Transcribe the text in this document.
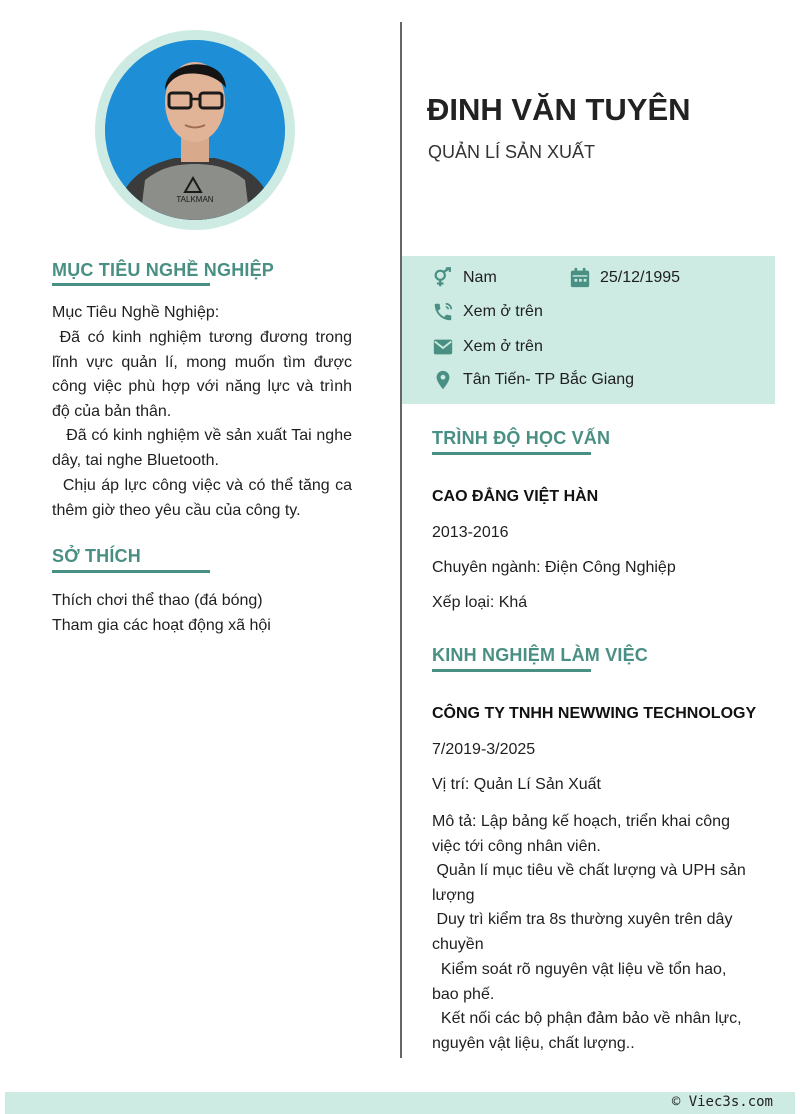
TALKMAN
MỤC TIÊU NGHỀ NGHIỆP
Mục Tiêu Nghề Nghiệp:
Đã có kinh nghiệm tương đương trong lĩnh vực quản lí, mong muốn tìm được công việc phù hợp với năng lực và trình độ của bản thân.
Đã có kinh nghiệm về sản xuất Tai nghe dây, tai nghe Bluetooth.
Chịu áp lực công việc và có thể tăng ca thêm giờ theo yêu cầu của công ty.
SỞ THÍCH
Thích chơi thể thao (đá bóng)
Tham gia các hoạt động xã hội
ĐINH VĂN TUYÊN
QUẢN LÍ SẢN XUẤT
Nam	25/12/1995
Xem ở trên
Xem ở trên
Tân Tiến- TP Bắc Giang
TRÌNH ĐỘ HỌC VẤN
CAO ĐẲNG VIỆT HÀN
2013-2016
Chuyên ngành: Điện Công Nghiệp
Xếp loại: Khá
KINH NGHIỆM LÀM VIỆC
CÔNG TY TNHH NEWWING TECHNOLOGY
7/2019-3/2025
Vị trí: Quản Lí Sản Xuất
Mô tả: Lập bảng kế hoạch, triển khai công việc tới công nhân viên.
Quản lí mục tiêu về chất lượng và UPH sản lượng
Duy trì kiểm tra 8s thường xuyên trên dây chuyền
Kiểm soát rõ nguyên vật liệu về tổn hao, bao phế.
Kết nối các bộ phận đảm bảo về nhân lực, nguyên vật liệu, chất lượng..
© Viec3s.com
